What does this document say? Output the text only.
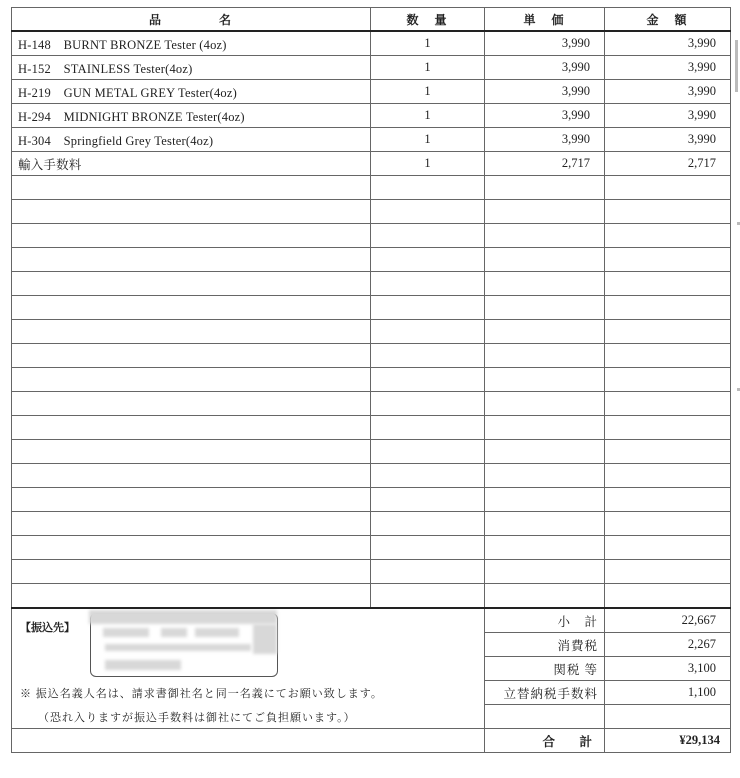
品　　　　名	数　量	単　価	金　額
H-148　BURNT BRONZE Tester (4oz)	1	3,990	3,990
H-152　STAINLESS Tester(4oz)	1	3,990	3,990
H-219　GUN METAL GREY Tester(4oz)	1	3,990	3,990
H-294　MIDNIGHT BRONZE Tester(4oz)	1	3,990	3,990
H-304　Springfield Grey Tester(4oz)	1	3,990	3,990
輸入手数料	1	2,717	2,717

【振込先】
※ 振込名義人名は、請求書御社名と同一名義にてお願い致します。
（恐れ入りますが振込手数料は御社にてご負担願います。）		小　計	22,667
		消費税	2,267
		関税 等	3,100
		立替納税手数料	1,100

		合　計	¥29,134
